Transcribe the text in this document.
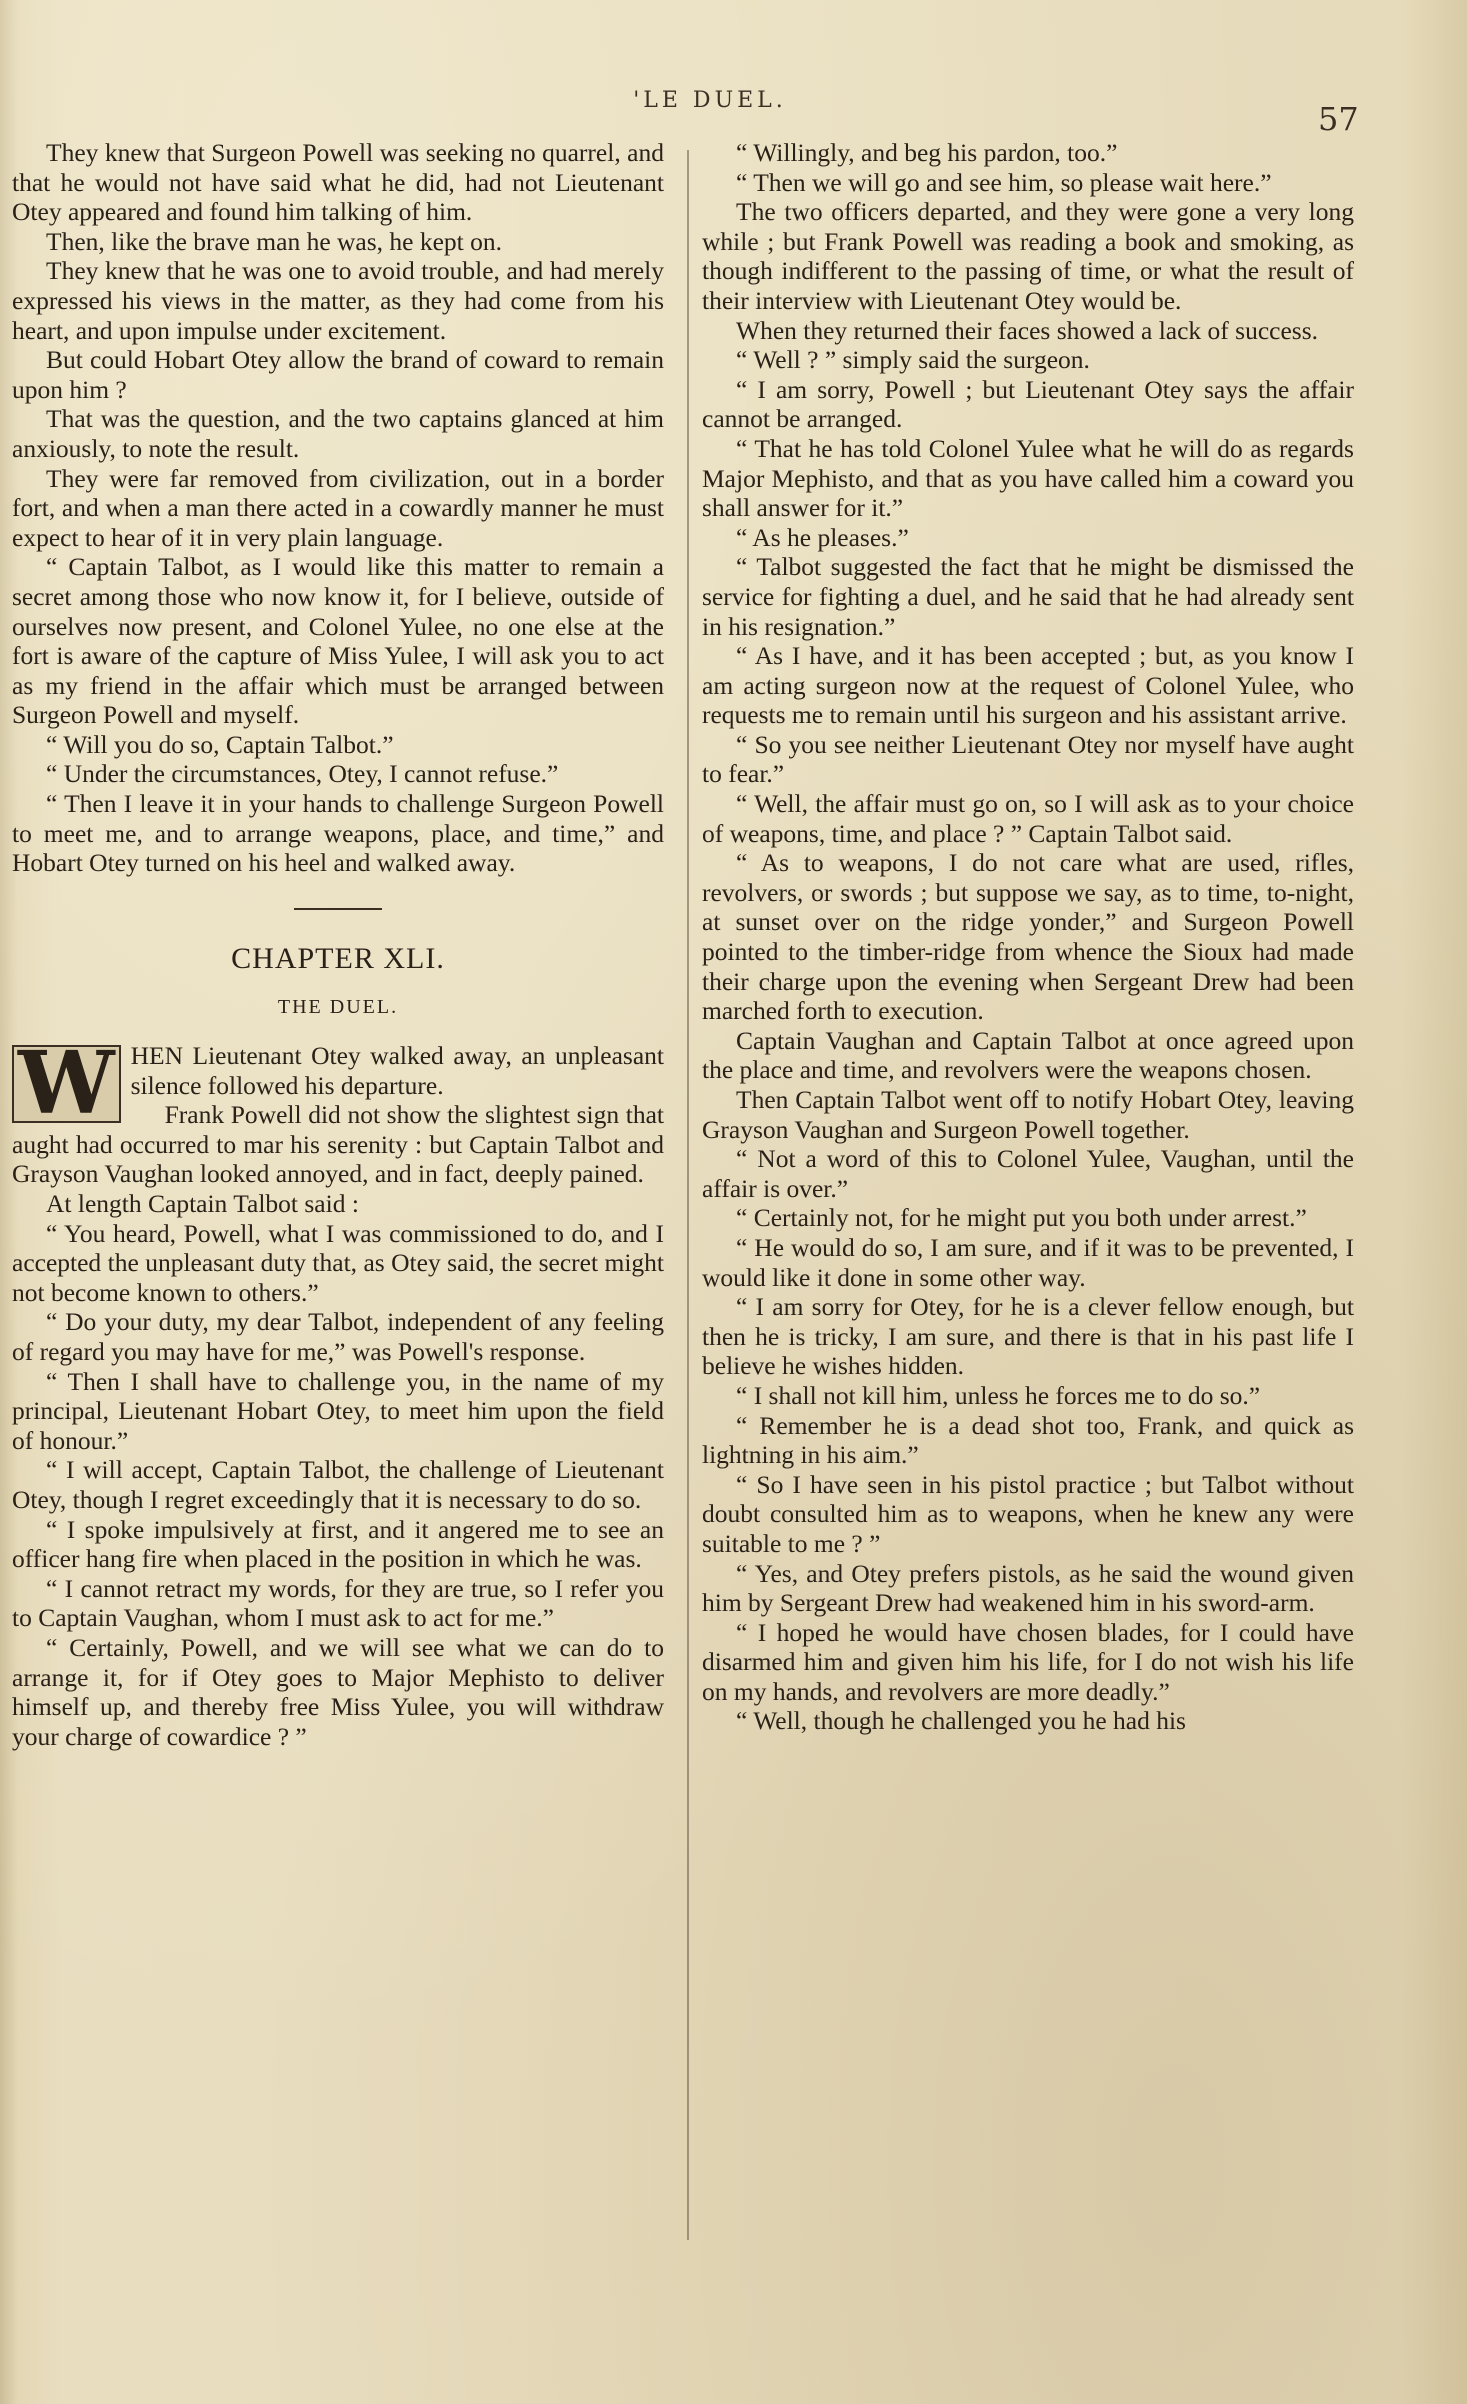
'LE DUEL.	57

They knew that Surgeon Powell was seeking no quarrel, and that he would not have said what he did, had not Lieutenant Otey appeared and found him talking of him.

Then, like the brave man he was, he kept on.

They knew that he was one to avoid trouble, and had merely expressed his views in the matter, as they had come from his heart, and upon impulse under excitement.

But could Hobart Otey allow the brand of coward to remain upon him ?

That was the question, and the two captains glanced at him anxiously, to note the result.

They were far removed from civilization, out in a border fort, and when a man there acted in a cowardly manner he must expect to hear of it in very plain language.

“ Captain Talbot, as I would like this matter to remain a secret among those who now know it, for I believe, outside of ourselves now present, and Colonel Yulee, no one else at the fort is aware of the capture of Miss Yulee, I will ask you to act as my friend in the affair which must be arranged between Surgeon Powell and myself.

“ Will you do so, Captain Talbot.”

“ Under the circumstances, Otey, I cannot refuse.”

“ Then I leave it in your hands to challenge Surgeon Powell to meet me, and to arrange weapons, place, and time,” and Hobart Otey turned on his heel and walked away.

CHAPTER XLI.
THE DUEL.

W HEN Lieutenant Otey walked away, an unpleasant silence followed his departure.

Frank Powell did not show the slightest sign that aught had occurred to mar his serenity : but Captain Talbot and Grayson Vaughan looked annoyed, and in fact, deeply pained.

At length Captain Talbot said :

“ You heard, Powell, what I was commissioned to do, and I accepted the unpleasant duty that, as Otey said, the secret might not become known to others.”

“ Do your duty, my dear Talbot, independent of any feeling of regard you may have for me,” was Powell's response.

“ Then I shall have to challenge you, in the name of my principal, Lieutenant Hobart Otey, to meet him upon the field of honour.”

“ I will accept, Captain Talbot, the challenge of Lieutenant Otey, though I regret exceedingly that it is necessary to do so.

“ I spoke impulsively at first, and it angered me to see an officer hang fire when placed in the position in which he was.

“ I cannot retract my words, for they are true, so I refer you to Captain Vaughan, whom I must ask to act for me.”

“ Certainly, Powell, and we will see what we can do to arrange it, for if Otey goes to Major Mephisto to deliver himself up, and thereby free Miss Yulee, you will withdraw your charge of cowardice ? ”

“ Willingly, and beg his pardon, too.”

“ Then we will go and see him, so please wait here.”

The two officers departed, and they were gone a very long while ; but Frank Powell was reading a book and smoking, as though indifferent to the passing of time, or what the result of their interview with Lieutenant Otey would be.

When they returned their faces showed a lack of success.

“ Well ? ” simply said the surgeon.

“ I am sorry, Powell ; but Lieutenant Otey says the affair cannot be arranged.

“ That he has told Colonel Yulee what he will do as regards Major Mephisto, and that as you have called him a coward you shall answer for it.”

“ As he pleases.”

“ Talbot suggested the fact that he might be dismissed the service for fighting a duel, and he said that he had already sent in his resignation.”

“ As I have, and it has been accepted ; but, as you know I am acting surgeon now at the request of Colonel Yulee, who requests me to remain until his surgeon and his assistant arrive.

“ So you see neither Lieutenant Otey nor myself have aught to fear.”

“ Well, the affair must go on, so I will ask as to your choice of weapons, time, and place ? ” Captain Talbot said.

“ As to weapons, I do not care what are used, rifles, revolvers, or swords ; but suppose we say, as to time, to-night, at sunset over on the ridge yonder,” and Surgeon Powell pointed to the timber-ridge from whence the Sioux had made their charge upon the evening when Sergeant Drew had been marched forth to execution.

Captain Vaughan and Captain Talbot at once agreed upon the place and time, and revolvers were the weapons chosen.

Then Captain Talbot went off to notify Hobart Otey, leaving Grayson Vaughan and Surgeon Powell together.

“ Not a word of this to Colonel Yulee, Vaughan, until the affair is over.”

“ Certainly not, for he might put you both under arrest.”

“ He would do so, I am sure, and if it was to be prevented, I would like it done in some other way.

“ I am sorry for Otey, for he is a clever fellow enough, but then he is tricky, I am sure, and there is that in his past life I believe he wishes hidden.

“ I shall not kill him, unless he forces me to do so.”

“ Remember he is a dead shot too, Frank, and quick as lightning in his aim.”

“ So I have seen in his pistol practice ; but Talbot without doubt consulted him as to weapons, when he knew any were suitable to me ? ”

“ Yes, and Otey prefers pistols, as he said the wound given him by Sergeant Drew had weakened him in his sword-arm.

“ I hoped he would have chosen blades, for I could have disarmed him and given him his life, for I do not wish his life on my hands, and revolvers are more deadly.”

“ Well, though he challenged you he had his
